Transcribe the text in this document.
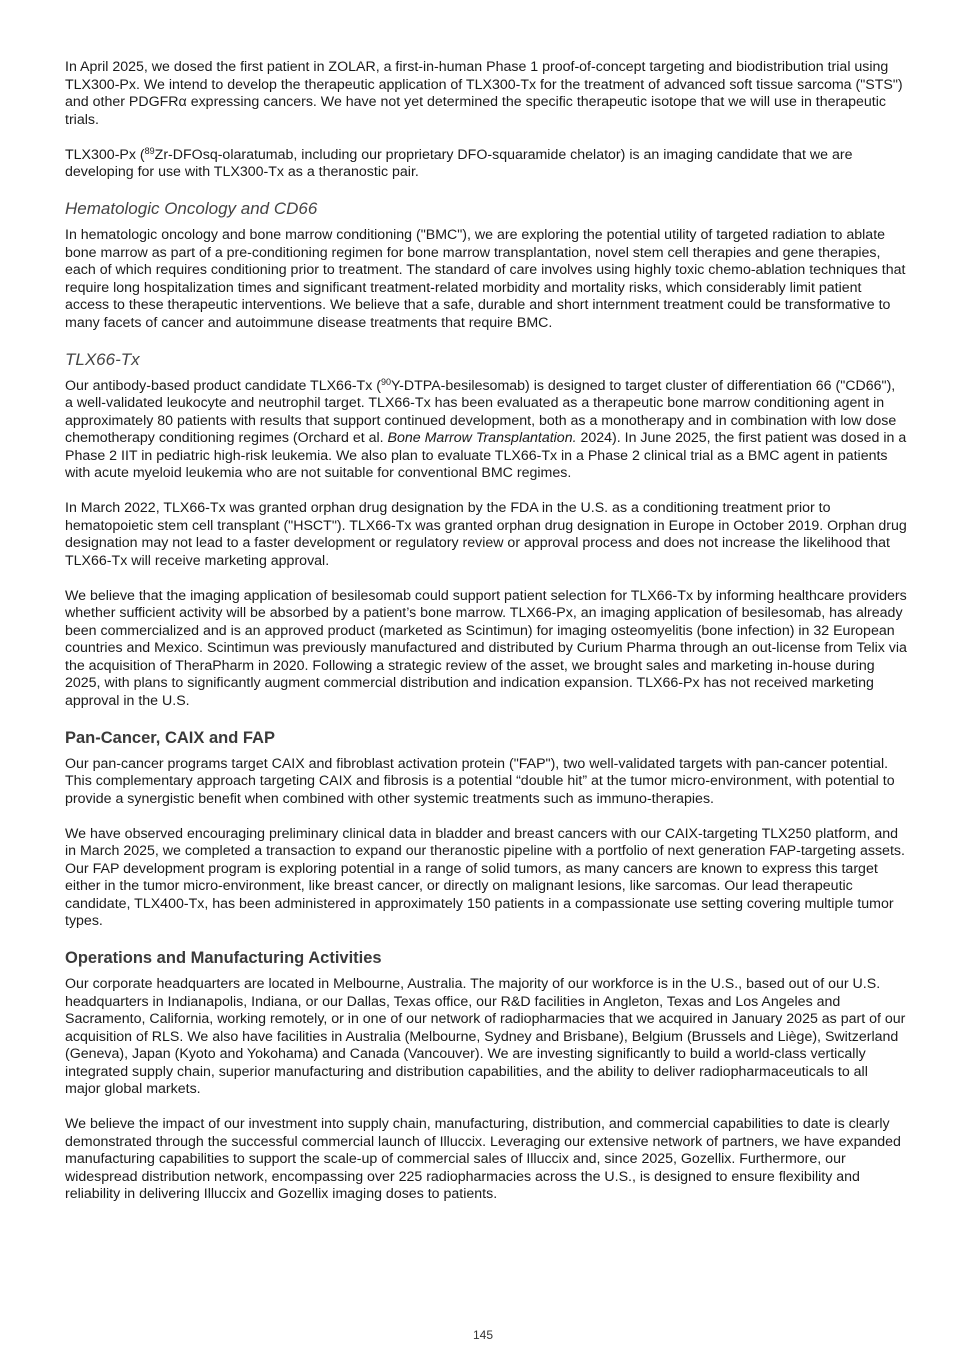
In April 2025, we dosed the first patient in ZOLAR, a first-in-human Phase 1 proof-of-concept targeting and biodistribution trial using TLX300-Px. We intend to develop the therapeutic application of TLX300-Tx for the treatment of advanced soft tissue sarcoma ("STS") and other PDGFRα expressing cancers. We have not yet determined the specific therapeutic isotope that we will use in therapeutic trials.

TLX300-Px ($^{89}$Zr-DFOsq-olaratumab, including our proprietary DFO-squaramide chelator) is an imaging candidate that we are developing for use with TLX300-Tx as a theranostic pair.

Hematologic Oncology and CD66

In hematologic oncology and bone marrow conditioning ("BMC"), we are exploring the potential utility of targeted radiation to ablate bone marrow as part of a pre-conditioning regimen for bone marrow transplantation, novel stem cell therapies and gene therapies, each of which requires conditioning prior to treatment. The standard of care involves using highly toxic chemo-ablation techniques that require long hospitalization times and significant treatment-related morbidity and mortality risks, which considerably limit patient access to these therapeutic interventions. We believe that a safe, durable and short internment treatment could be transformative to many facets of cancer and autoimmune disease treatments that require BMC.

TLX66-Tx

Our antibody-based product candidate TLX66-Tx ($^{90}$Y-DTPA-besilesomab) is designed to target cluster of differentiation 66 ("CD66"), a well-validated leukocyte and neutrophil target. TLX66-Tx has been evaluated as a therapeutic bone marrow conditioning agent in approximately 80 patients with results that support continued development, both as a monotherapy and in combination with low dose chemotherapy conditioning regimes (Orchard et al. Bone Marrow Transplantation. 2024). In June 2025, the first patient was dosed in a Phase 2 IIT in pediatric high-risk leukemia. We also plan to evaluate TLX66-Tx in a Phase 2 clinical trial as a BMC agent in patients with acute myeloid leukemia who are not suitable for conventional BMC regimes.

In March 2022, TLX66-Tx was granted orphan drug designation by the FDA in the U.S. as a conditioning treatment prior to hematopoietic stem cell transplant ("HSCT"). TLX66-Tx was granted orphan drug designation in Europe in October 2019. Orphan drug designation may not lead to a faster development or regulatory review or approval process and does not increase the likelihood that TLX66-Tx will receive marketing approval.

We believe that the imaging application of besilesomab could support patient selection for TLX66-Tx by informing healthcare providers whether sufficient activity will be absorbed by a patient’s bone marrow. TLX66-Px, an imaging application of besilesomab, has already been commercialized and is an approved product (marketed as Scintimun) for imaging osteomyelitis (bone infection) in 32 European countries and Mexico. Scintimun was previously manufactured and distributed by Curium Pharma through an out-license from Telix via the acquisition of TheraPharm in 2020. Following a strategic review of the asset, we brought sales and marketing in-house during 2025, with plans to significantly augment commercial distribution and indication expansion. TLX66-Px has not received marketing approval in the U.S.

Pan-Cancer, CAIX and FAP

Our pan-cancer programs target CAIX and fibroblast activation protein ("FAP"), two well-validated targets with pan-cancer potential. This complementary approach targeting CAIX and fibrosis is a potential “double hit” at the tumor micro-environment, with potential to provide a synergistic benefit when combined with other systemic treatments such as immuno-therapies.

We have observed encouraging preliminary clinical data in bladder and breast cancers with our CAIX-targeting TLX250 platform, and in March 2025, we completed a transaction to expand our theranostic pipeline with a portfolio of next generation FAP-targeting assets. Our FAP development program is exploring potential in a range of solid tumors, as many cancers are known to express this target either in the tumor micro-environment, like breast cancer, or directly on malignant lesions, like sarcomas. Our lead therapeutic candidate, TLX400-Tx, has been administered in approximately 150 patients in a compassionate use setting covering multiple tumor types.

Operations and Manufacturing Activities

Our corporate headquarters are located in Melbourne, Australia. The majority of our workforce is in the U.S., based out of our U.S. headquarters in Indianapolis, Indiana, or our Dallas, Texas office, our R&D facilities in Angleton, Texas and Los Angeles and Sacramento, California, working remotely, or in one of our network of radiopharmacies that we acquired in January 2025 as part of our acquisition of RLS. We also have facilities in Australia (Melbourne, Sydney and Brisbane), Belgium (Brussels and Liège), Switzerland (Geneva), Japan (Kyoto and Yokohama) and Canada (Vancouver). We are investing significantly to build a world-class vertically integrated supply chain, superior manufacturing and distribution capabilities, and the ability to deliver radiopharmaceuticals to all major global markets.

We believe the impact of our investment into supply chain, manufacturing, distribution, and commercial capabilities to date is clearly demonstrated through the successful commercial launch of Illuccix. Leveraging our extensive network of partners, we have expanded manufacturing capabilities to support the scale-up of commercial sales of Illuccix and, since 2025, Gozellix. Furthermore, our widespread distribution network, encompassing over 225 radiopharmacies across the U.S., is designed to ensure flexibility and reliability in delivering Illuccix and Gozellix imaging doses to patients.

145
